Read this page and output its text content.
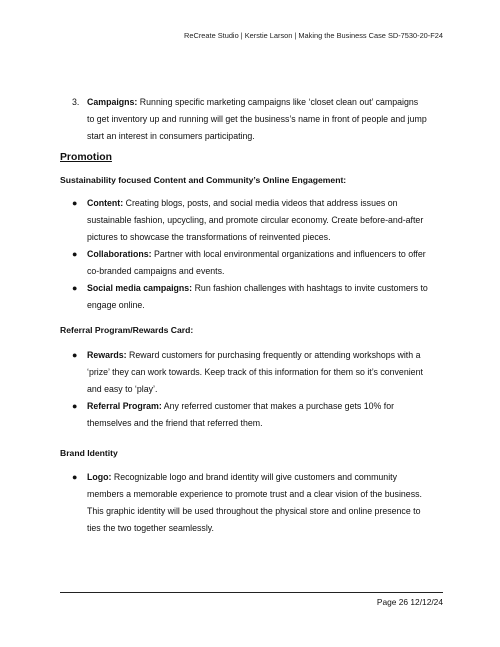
ReCreate Studio | Kerstie Larson | Making the Business Case SD-7530-20-F24
3. Campaigns: Running specific marketing campaigns like ‘closet clean out’ campaigns

to get inventory up and running will get the business’s name in front of people and jump

start an interest in consumers participating.

Promotion
Sustainability focused Content and Community’s Online Engagement:
● Content: Creating blogs, posts, and social media videos that address issues on

sustainable fashion, upcycling, and promote circular economy. Create before-and-after

pictures to showcase the transformations of reinvented pieces.

● Collaborations: Partner with local environmental organizations and influencers to offer

co-branded campaigns and events.

● Social media campaigns: Run fashion challenges with hashtags to invite customers to

engage online.

Referral Program/Rewards Card:
● Rewards: Reward customers for purchasing frequently or attending workshops with a

‘prize’ they can work towards. Keep track of this information for them so it’s convenient

and easy to ‘play’.

● Referral Program: Any referred customer that makes a purchase gets 10% for

themselves and the friend that referred them.

Brand Identity
● Logo: Recognizable logo and brand identity will give customers and community

members a memorable experience to promote trust and a clear vision of the business.

This graphic identity will be used throughout the physical store and online presence to

ties the two together seamlessly.

Page 26 12/12/24
